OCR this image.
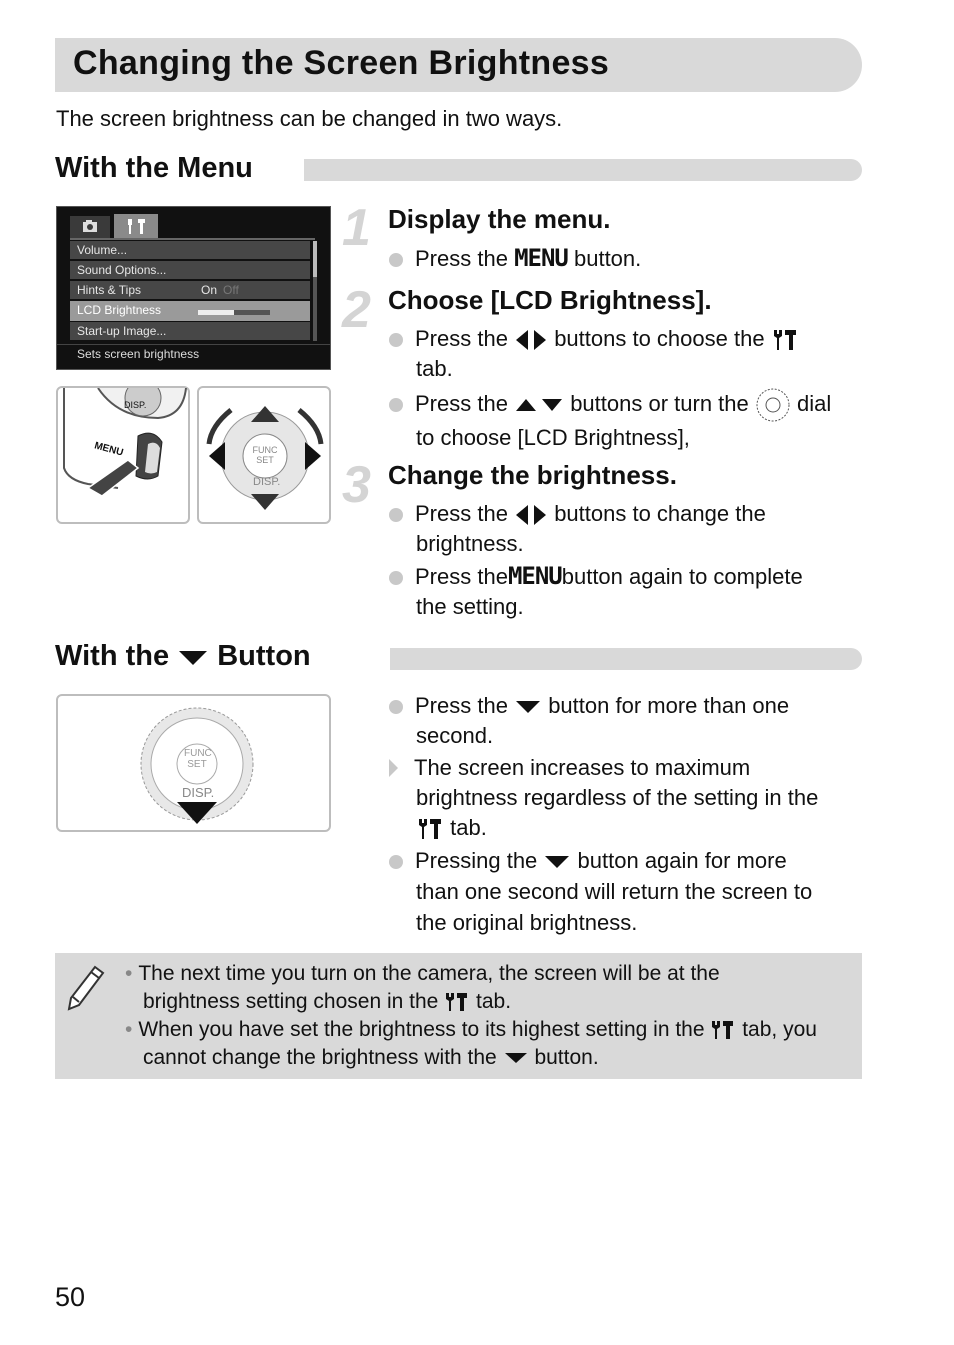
Changing the Screen Brightness
The screen brightness can be changed in two ways.
With the Menu
Volume...
Sound Options...
Hints & Tips	On Off
LCD Brightness
Start-up Image...
Sets screen brightness
MENU
DISP.
FUNC
SET
DISP.
1 Display the menu.
Press the MENU button.
2 Choose [LCD Brightness].
Press the buttons to choose the
tab.
Press the	buttons or turn the dial
to choose [LCD Brightness],
3 Change the brightness.
Press the buttons to change the
brightness.
Press theMENUbutton again to complete
the setting.
With the Button
FUNC
SET
DISP.
Press the button for more than one
second.
The screen increases to maximum
brightness regardless of the setting in the
tab.
Pressing the button again for more
than one second will return the screen to
the original brightness.
• The next time you turn on the camera, the screen will be at the
brightness setting chosen in the tab.
• When you have set the brightness to its highest setting in the tab, you
cannot change the brightness with the button.
50
